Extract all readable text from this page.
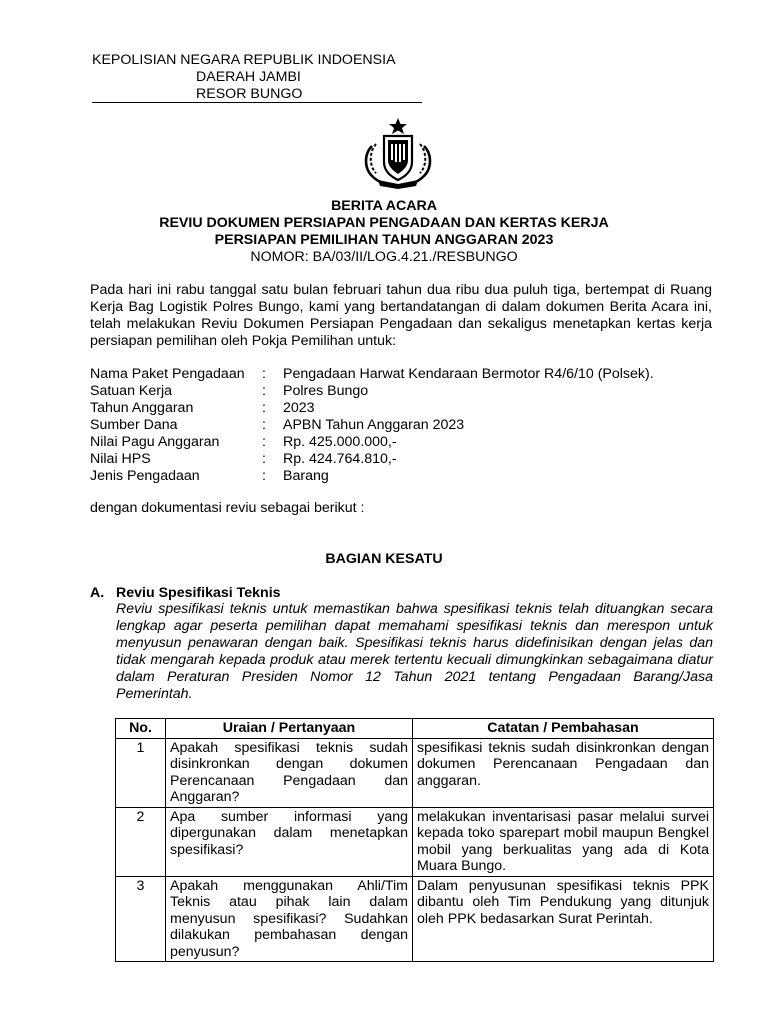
KEPOLISIAN NEGARA REPUBLIK INDOENSIA
DAERAH JAMBI
RESOR BUNGO
BERITA ACARA
REVIU DOKUMEN PERSIAPAN PENGADAAN DAN KERTAS KERJA
PERSIAPAN PEMILIHAN TAHUN ANGGARAN 2023
NOMOR: BA/03/II/LOG.4.21./RESBUNGO

Pada hari ini rabu tanggal satu bulan februari tahun dua ribu dua puluh tiga, bertempat di Ruang Kerja Bag Logistik Polres Bungo, kami yang bertandatangan di dalam dokumen Berita Acara ini, telah melakukan Reviu Dokumen Persiapan Pengadaan dan sekaligus menetapkan kertas kerja persiapan pemilihan oleh Pokja Pemilihan untuk:

Nama Paket Pengadaan	:	Pengadaan Harwat Kendaraan Bermotor R4/6/10 (Polsek).
Satuan Kerja	:	Polres Bungo
Tahun Anggaran	:	2023
Sumber Dana	:	APBN Tahun Anggaran 2023
Nilai Pagu Anggaran	:	Rp. 425.000.000,-
Nilai HPS	:	Rp. 424.764.810,-
Jenis Pengadaan	:	Barang
dengan dokumentasi reviu sebagai berikut :
BAGIAN KESATU
A. Reviu Spesifikasi Teknis
Reviu spesifikasi teknis untuk memastikan bahwa spesifikasi teknis telah dituangkan secara lengkap agar peserta pemilihan dapat memahami spesifikasi teknis dan merespon untuk menyusun penawaran dengan baik. Spesifikasi teknis harus didefinisikan dengan jelas dan tidak mengarah kepada produk atau merek tertentu kecuali dimungkinkan sebagaimana diatur dalam Peraturan Presiden Nomor 12 Tahun 2021 tentang Pengadaan Barang/Jasa Pemerintah.
No.	Uraian / Pertanyaan	Catatan / Pembahasan
1	Apakah spesifikasi teknis sudah disinkronkan dengan dokumen Perencanaan Pengadaan dan Anggaran?	spesifikasi teknis sudah disinkronkan dengan dokumen Perencanaan Pengadaan dan anggaran.
2	Apa sumber informasi yang dipergunakan dalam menetapkan spesifikasi?	melakukan inventarisasi pasar melalui survei kepada toko sparepart mobil maupun Bengkel mobil yang berkualitas yang ada di Kota Muara Bungo.
3	Apakah menggunakan Ahli/Tim Teknis atau pihak lain dalam menyusun spesifikasi? Sudahkan dilakukan pembahasan dengan penyusun?	Dalam penyusunan spesifikasi teknis PPK dibantu oleh Tim Pendukung yang ditunjuk oleh PPK bedasarkan Surat Perintah.
